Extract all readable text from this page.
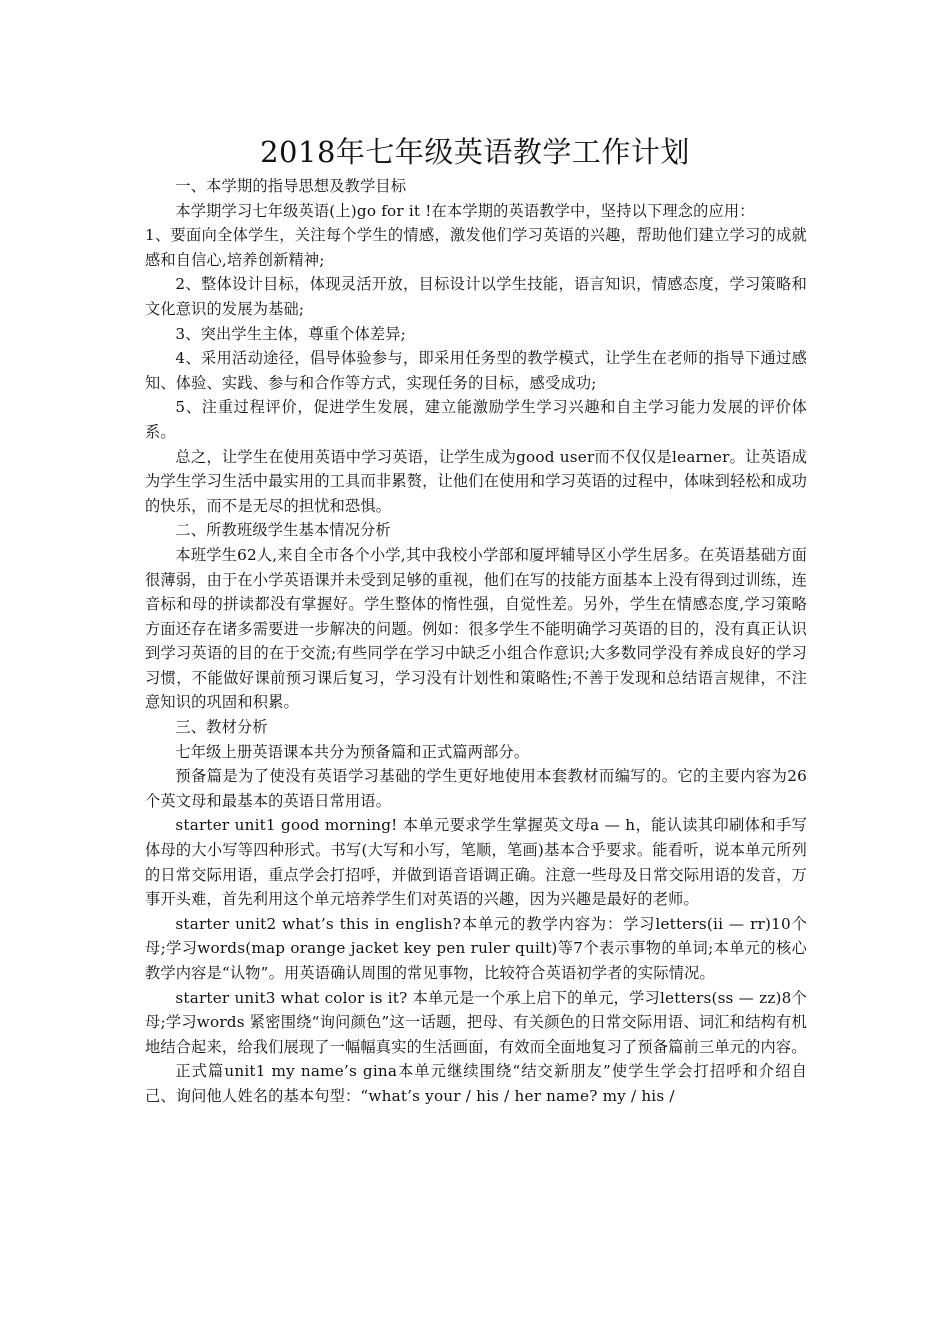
2018年七年级英语教学工作计划

一、本学期的指导思想及教学目标

本学期学习七年级英语(上)go for it !在本学期的英语教学中，坚持以下理念的应用：

1、要面向全体学生，关注每个学生的情感，激发他们学习英语的兴趣，帮助他们建立学习的成就感和自信心,培养创新精神;

2、整体设计目标，体现灵活开放，目标设计以学生技能，语言知识，情感态度，学习策略和文化意识的发展为基础;

3、突出学生主体，尊重个体差异;

4、采用活动途径，倡导体验参与，即采用任务型的教学模式，让学生在老师的指导下通过感知、体验、实践、参与和合作等方式，实现任务的目标，感受成功;

5、注重过程评价，促进学生发展，建立能激励学生学习兴趣和自主学习能力发展的评价体系。

总之，让学生在使用英语中学习英语，让学生成为good user而不仅仅是learner。让英语成为学生学习生活中最实用的工具而非累赘，让他们在使用和学习英语的过程中，体味到轻松和成功的快乐，而不是无尽的担忧和恐惧。

二、所教班级学生基本情况分析

本班学生62人,来自全市各个小学,其中我校小学部和厦坪辅导区小学生居多。在英语基础方面很薄弱，由于在小学英语课并未受到足够的重视，他们在写的技能方面基本上没有得到过训练，连音标和母的拼读都没有掌握好。学生整体的惰性强，自觉性差。另外，学生在情感态度,学习策略方面还存在诸多需要进一步解决的问题。例如：很多学生不能明确学习英语的目的，没有真正认识到学习英语的目的在于交流;有些同学在学习中缺乏小组合作意识;大多数同学没有养成良好的学习习惯，不能做好课前预习课后复习，学习没有计划性和策略性;不善于发现和总结语言规律，不注意知识的巩固和积累。

三、教材分析

七年级上册英语课本共分为预备篇和正式篇两部分。

预备篇是为了使没有英语学习基础的学生更好地使用本套教材而编写的。它的主要内容为26个英文母和最基本的英语日常用语。

starter unit1 good morning! 本单元要求学生掌握英文母a — h，能认读其印刷体和手写体母的大小写等四种形式。书写(大写和小写，笔顺，笔画)基本合乎要求。能看听，说本单元所列的日常交际用语，重点学会打招呼，并做到语音语调正确。注意一些母及日常交际用语的发音，万事开头难，首先利用这个单元培养学生们对英语的兴趣，因为兴趣是最好的老师。

starter unit2 what’s this in english?本单元的教学内容为：学习letters(ii — rr)10个母;学习words(map orange jacket key pen ruler quilt)等7个表示事物的单词;本单元的核心教学内容是“认物”。用英语确认周围的常见事物，比较符合英语初学者的实际情况。

starter unit3 what color is it? 本单元是一个承上启下的单元，学习letters(ss — zz)8个母;学习words 紧密围绕“询问颜色”这一话题，把母、有关颜色的日常交际用语、词汇和结构有机地结合起来，给我们展现了一幅幅真实的生活画面，有效而全面地复习了预备篇前三单元的内容。

正式篇unit1 my name’s gina本单元继续围绕“结交新朋友”使学生学会打招呼和介绍自己、询问他人姓名的基本句型：“what’s your / his / her name? my / his /
